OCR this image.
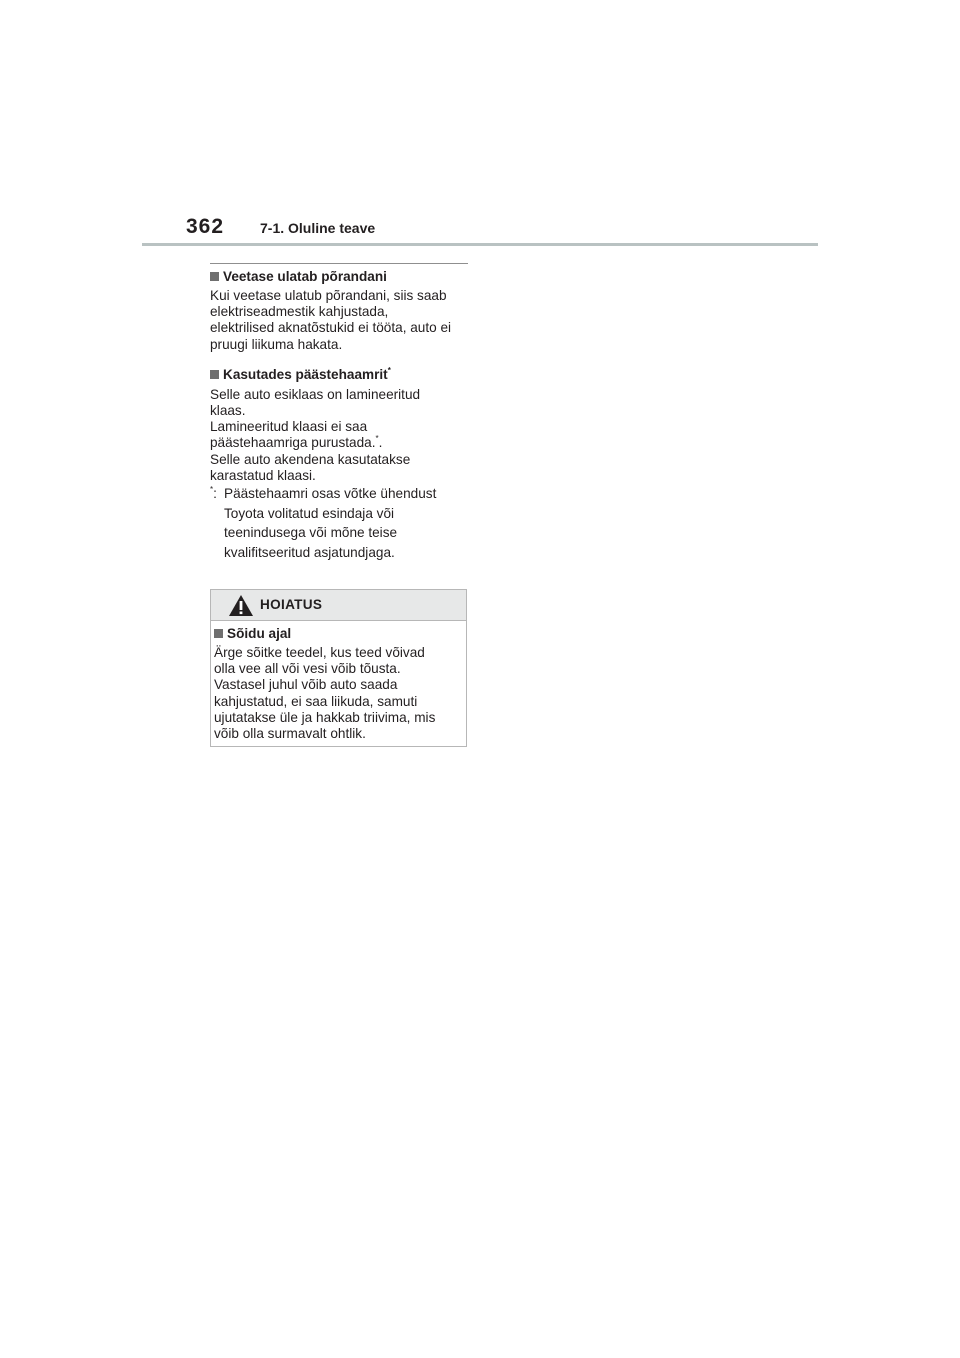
362	7-1. Oluline teave
Veetase ulatab põrandani

Kui veetase ulatub põrandani, siis saab
elektriseadmestik kahjustada,
elektrilised aknatõstukid ei tööta, auto ei
pruugi liikuma hakata.

Kasutades päästehaamrit*

Selle auto esiklaas on lamineeritud
klaas.
Lamineeritud klaasi ei saa
päästehaamriga purustada.*.
Selle auto akendena kasutatakse
karastatud klaasi.

*: Päästehaamri osas võtke ühendust
Toyota volitatud esindaja või
teenindusega või mõne teise
kvalifitseeritud asjatundjaga.
HOIATUS
Sõidu ajal

Ärge sõitke teedel, kus teed võivad
olla vee all või vesi võib tõusta.
Vastasel juhul võib auto saada
kahjustatud, ei saa liikuda, samuti
ujutatakse üle ja hakkab triivima, mis
võib olla surmavalt ohtlik.
